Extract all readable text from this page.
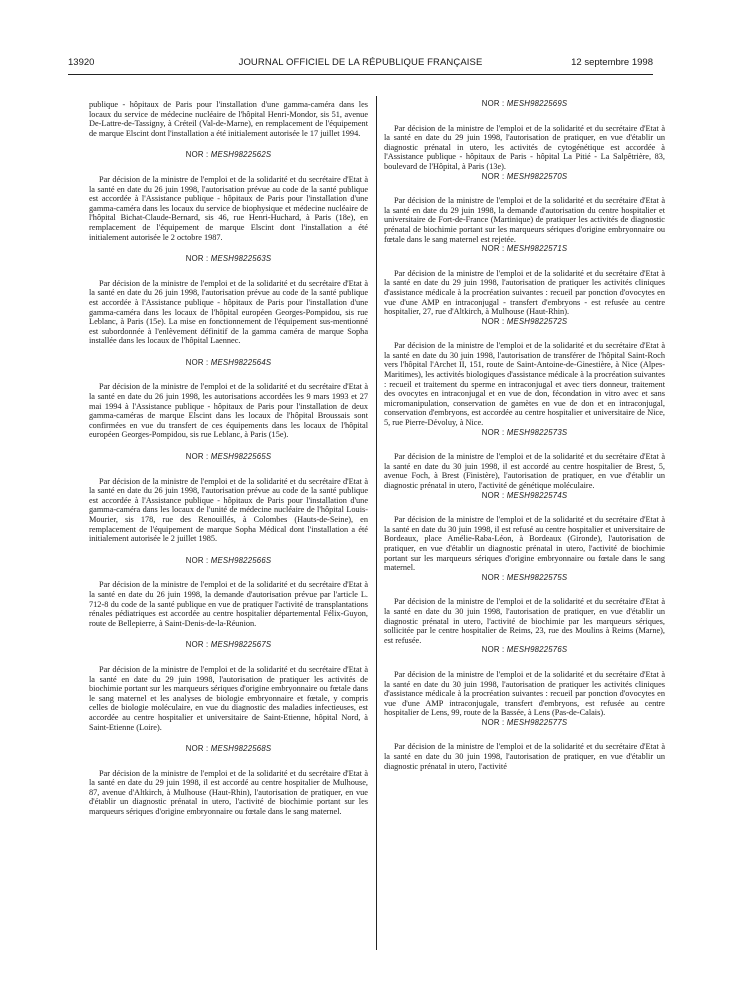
13920	JOURNAL OFFICIEL DE LA RÉPUBLIQUE FRANÇAISE	12 septembre 1998

publique - hôpitaux de Paris pour l'installation d'une gamma-caméra dans les locaux du service de médecine nucléaire de l'hôpital Henri-Mondor, sis 51, avenue De-Lattre-de-Tassigny, à Créteil (Val-de-Marne), en remplacement de l'équipement de marque Elscint dont l'installation a été initialement autorisée le 17 juillet 1994.

NOR : MESH9822562S

Par décision de la ministre de l'emploi et de la solidarité et du secrétaire d'Etat à la santé en date du 26 juin 1998, l'autorisation prévue au code de la santé publique est accordée à l'Assistance publique - hôpitaux de Paris pour l'installation d'une gamma-caméra dans les locaux du service de biophysique et médecine nucléaire de l'hôpital Bichat-Claude-Bernard, sis 46, rue Henri-Huchard, à Paris (18e), en remplacement de l'équipement de marque Elscint dont l'installation a été initialement autorisée le 2 octobre 1987.

NOR : MESH9822563S

Par décision de la ministre de l'emploi et de la solidarité et du secrétaire d'Etat à la santé en date du 26 juin 1998, l'autorisation prévue au code de la santé publique est accordée à l'Assistance publique - hôpitaux de Paris pour l'installation d'une gamma-caméra dans les locaux de l'hôpital européen Georges-Pompidou, sis rue Leblanc, à Paris (15e). La mise en fonctionnement de l'équipement sus-mentionné est subordonnée à l'enlèvement définitif de la gamma caméra de marque Sopha installée dans les locaux de l'hôpital Laennec.

NOR : MESH9822564S

Par décision de la ministre de l'emploi et de la solidarité et du secrétaire d'Etat à la santé en date du 26 juin 1998, les autorisations accordées les 9 mars 1993 et 27 mai 1994 à l'Assistance publique - hôpitaux de Paris pour l'installation de deux gamma-caméras de marque Elscint dans les locaux de l'hôpital Broussais sont confirmées en vue du transfert de ces équipements dans les locaux de l'hôpital européen Georges-Pompidou, sis rue Leblanc, à Paris (15e).

NOR : MESH9822565S

Par décision de la ministre de l'emploi et de la solidarité et du secrétaire d'Etat à la santé en date du 26 juin 1998, l'autorisation prévue au code de la santé publique est accordée à l'Assistance publique - hôpitaux de Paris pour l'installation d'une gamma-caméra dans les locaux de l'unité de médecine nucléaire de l'hôpital Louis-Mourier, sis 178, rue des Renouillés, à Colombes (Hauts-de-Seine), en remplacement de l'équipement de marque Sopha Médical dont l'installation a été initialement autorisée le 2 juillet 1985.

NOR : MESH9822566S

Par décision de la ministre de l'emploi et de la solidarité et du secrétaire d'Etat à la santé en date du 26 juin 1998, la demande d'autorisation prévue par l'article L. 712-8 du code de la santé publique en vue de pratiquer l'activité de transplantations rénales pédiatriques est accordée au centre hospitalier départemental Félix-Guyon, route de Bellepierre, à Saint-Denis-de-la-Réunion.

NOR : MESH9822567S

Par décision de la ministre de l'emploi et de la solidarité et du secrétaire d'Etat à la santé en date du 29 juin 1998, l'autorisation de pratiquer les activités de biochimie portant sur les marqueurs sériques d'origine embryonnaire ou fœtale dans le sang maternel et les analyses de biologie embryonnaire et fœtale, y compris celles de biologie moléculaire, en vue du diagnostic des maladies infectieuses, est accordée au centre hospitalier et universitaire de Saint-Etienne, hôpital Nord, à Saint-Etienne (Loire).

NOR : MESH9822568S

Par décision de la ministre de l'emploi et de la solidarité et du secrétaire d'Etat à la santé en date du 29 juin 1998, il est accordé au centre hospitalier de Mulhouse, 87, avenue d'Altkirch, à Mulhouse (Haut-Rhin), l'autorisation de pratiquer, en vue d'établir un diagnostic prénatal in utero, l'activité de biochimie portant sur les marqueurs sériques d'origine embryonnaire ou fœtale dans le sang maternel.

NOR : MESH9822569S

Par décision de la ministre de l'emploi et de la solidarité et du secrétaire d'Etat à la santé en date du 29 juin 1998, l'autorisation de pratiquer, en vue d'établir un diagnostic prénatal in utero, les activités de cytogénétique est accordée à l'Assistance publique - hôpitaux de Paris - hôpital La Pitié - La Salpêtrière, 83, boulevard de l'Hôpital, à Paris (13e).

NOR : MESH9822570S

Par décision de la ministre de l'emploi et de la solidarité et du secrétaire d'Etat à la santé en date du 29 juin 1998, la demande d'autorisation du centre hospitalier et universitaire de Fort-de-France (Martinique) de pratiquer les activités de diagnostic prénatal de biochimie portant sur les marqueurs sériques d'origine embryonnaire ou fœtale dans le sang maternel est rejetée.

NOR : MESH9822571S

Par décision de la ministre de l'emploi et de la solidarité et du secrétaire d'Etat à la santé en date du 29 juin 1998, l'autorisation de pratiquer les activités cliniques d'assistance médicale à la procréation suivantes : recueil par ponction d'ovocytes en vue d'une AMP en intraconjugal - transfert d'embryons - est refusée au centre hospitalier, 27, rue d'Altkirch, à Mulhouse (Haut-Rhin).

NOR : MESH9822572S

Par décision de la ministre de l'emploi et de la solidarité et du secrétaire d'Etat à la santé en date du 30 juin 1998, l'autorisation de transférer de l'hôpital Saint-Roch vers l'hôpital l'Archet II, 151, route de Saint-Antoine-de-Ginestière, à Nice (Alpes-Maritimes), les activités biologiques d'assistance médicale à la procréation suivantes : recueil et traitement du sperme en intraconjugal et avec tiers donneur, traitement des ovocytes en intraconjugal et en vue de don, fécondation in vitro avec et sans micromanipulation, conservation de gamètes en vue de don et en intraconjugal, conservation d'embryons, est accordée au centre hospitalier et universitaire de Nice, 5, rue Pierre-Dévoluy, à Nice.

NOR : MESH9822573S

Par décision de la ministre de l'emploi et de la solidarité et du secrétaire d'Etat à la santé en date du 30 juin 1998, il est accordé au centre hospitalier de Brest, 5, avenue Foch, à Brest (Finistère), l'autorisation de pratiquer, en vue d'établir un diagnostic prénatal in utero, l'activité de génétique moléculaire.

NOR : MESH9822574S

Par décision de la ministre de l'emploi et de la solidarité et du secrétaire d'Etat à la santé en date du 30 juin 1998, il est refusé au centre hospitalier et universitaire de Bordeaux, place Amélie-Raba-Léon, à Bordeaux (Gironde), l'autorisation de pratiquer, en vue d'établir un diagnostic prénatal in utero, l'activité de biochimie portant sur les marqueurs sériques d'origine embryonnaire ou fœtale dans le sang maternel.

NOR : MESH9822575S

Par décision de la ministre de l'emploi et de la solidarité et du secrétaire d'Etat à la santé en date du 30 juin 1998, l'autorisation de pratiquer, en vue d'établir un diagnostic prénatal in utero, l'activité de biochimie par les marqueurs sériques, sollicitée par le centre hospitalier de Reims, 23, rue des Moulins à Reims (Marne), est refusée.

NOR : MESH9822576S

Par décision de la ministre de l'emploi et de la solidarité et du secrétaire d'Etat à la santé en date du 30 juin 1998, l'autorisation de pratiquer les activités cliniques d'assistance médicale à la procréation suivantes : recueil par ponction d'ovocytes en vue d'une AMP intraconjugale, transfert d'embryons, est refusée au centre hospitalier de Lens, 99, route de la Bassée, à Lens (Pas-de-Calais).

NOR : MESH9822577S

Par décision de la ministre de l'emploi et de la solidarité et du secrétaire d'Etat à la santé en date du 30 juin 1998, l'autorisation de pratiquer, en vue d'établir un diagnostic prénatal in utero, l'activité
